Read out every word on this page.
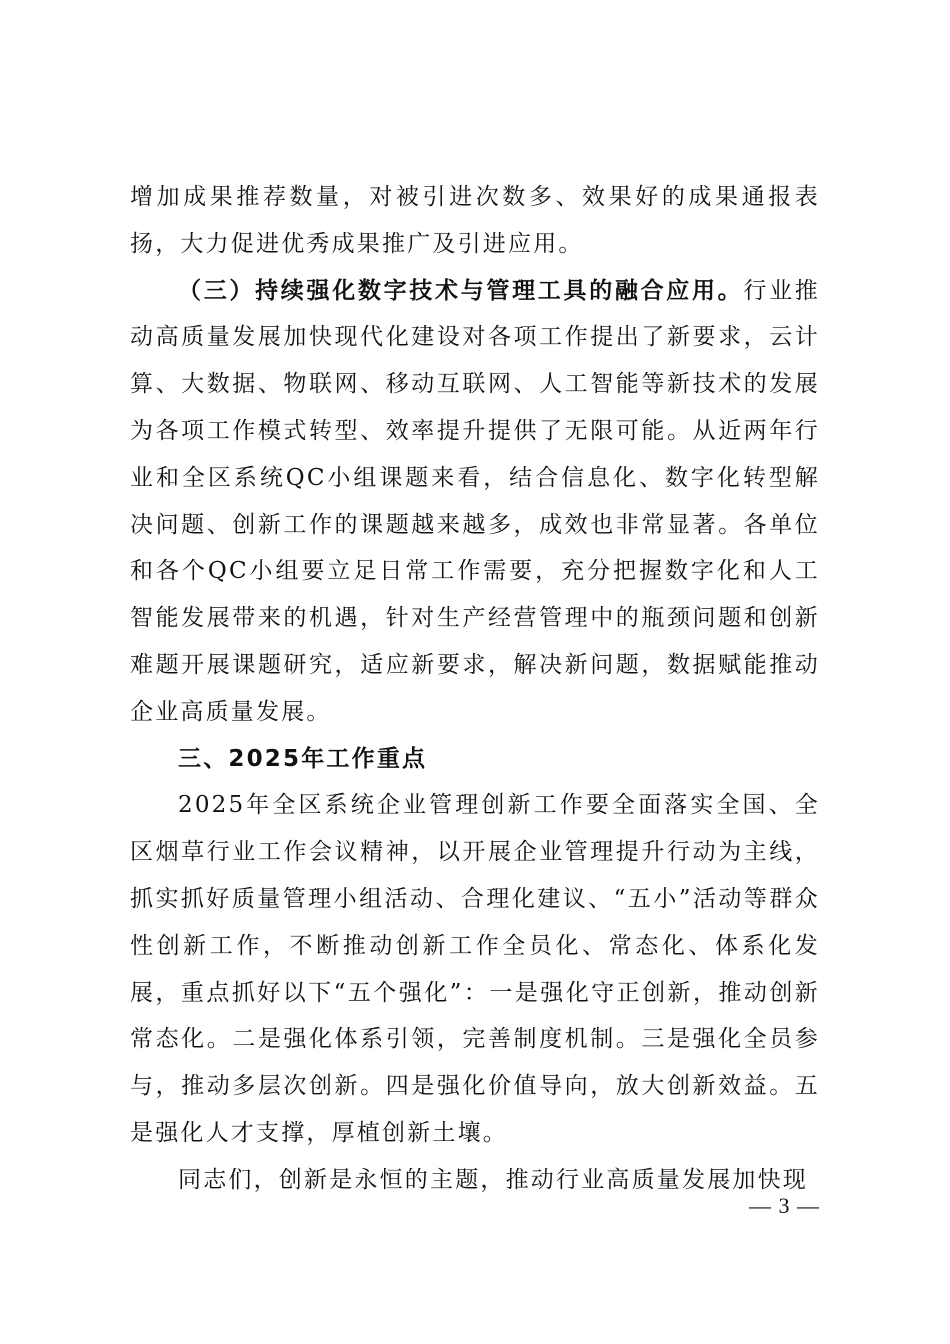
增加成果推荐数量，对被引进次数多、效果好的成果通报表扬，大力促进优秀成果推广及引进应用。

（三）持续强化数字技术与管理工具的融合应用。行业推动高质量发展加快现代化建设对各项工作提出了新要求，云计算、大数据、物联网、移动互联网、人工智能等新技术的发展为各项工作模式转型、效率提升提供了无限可能。从近两年行业和全区系统QC小组课题来看，结合信息化、数字化转型解决问题、创新工作的课题越来越多，成效也非常显著。各单位和各个QC小组要立足日常工作需要，充分把握数字化和人工智能发展带来的机遇，针对生产经营管理中的瓶颈问题和创新难题开展课题研究，适应新要求，解决新问题，数据赋能推动企业高质量发展。

三、2025年工作重点

2025年全区系统企业管理创新工作要全面落实全国、全区烟草行业工作会议精神，以开展企业管理提升行动为主线，抓实抓好质量管理小组活动、合理化建议、“五小”活动等群众性创新工作，不断推动创新工作全员化、常态化、体系化发展，重点抓好以下“五个强化”：一是强化守正创新，推动创新常态化。二是强化体系引领，完善制度机制。三是强化全员参与，推动多层次创新。四是强化价值导向，放大创新效益。五是强化人才支撑，厚植创新土壤。

同志们，创新是永恒的主题，推动行业高质量发展加快现

— 3 —
